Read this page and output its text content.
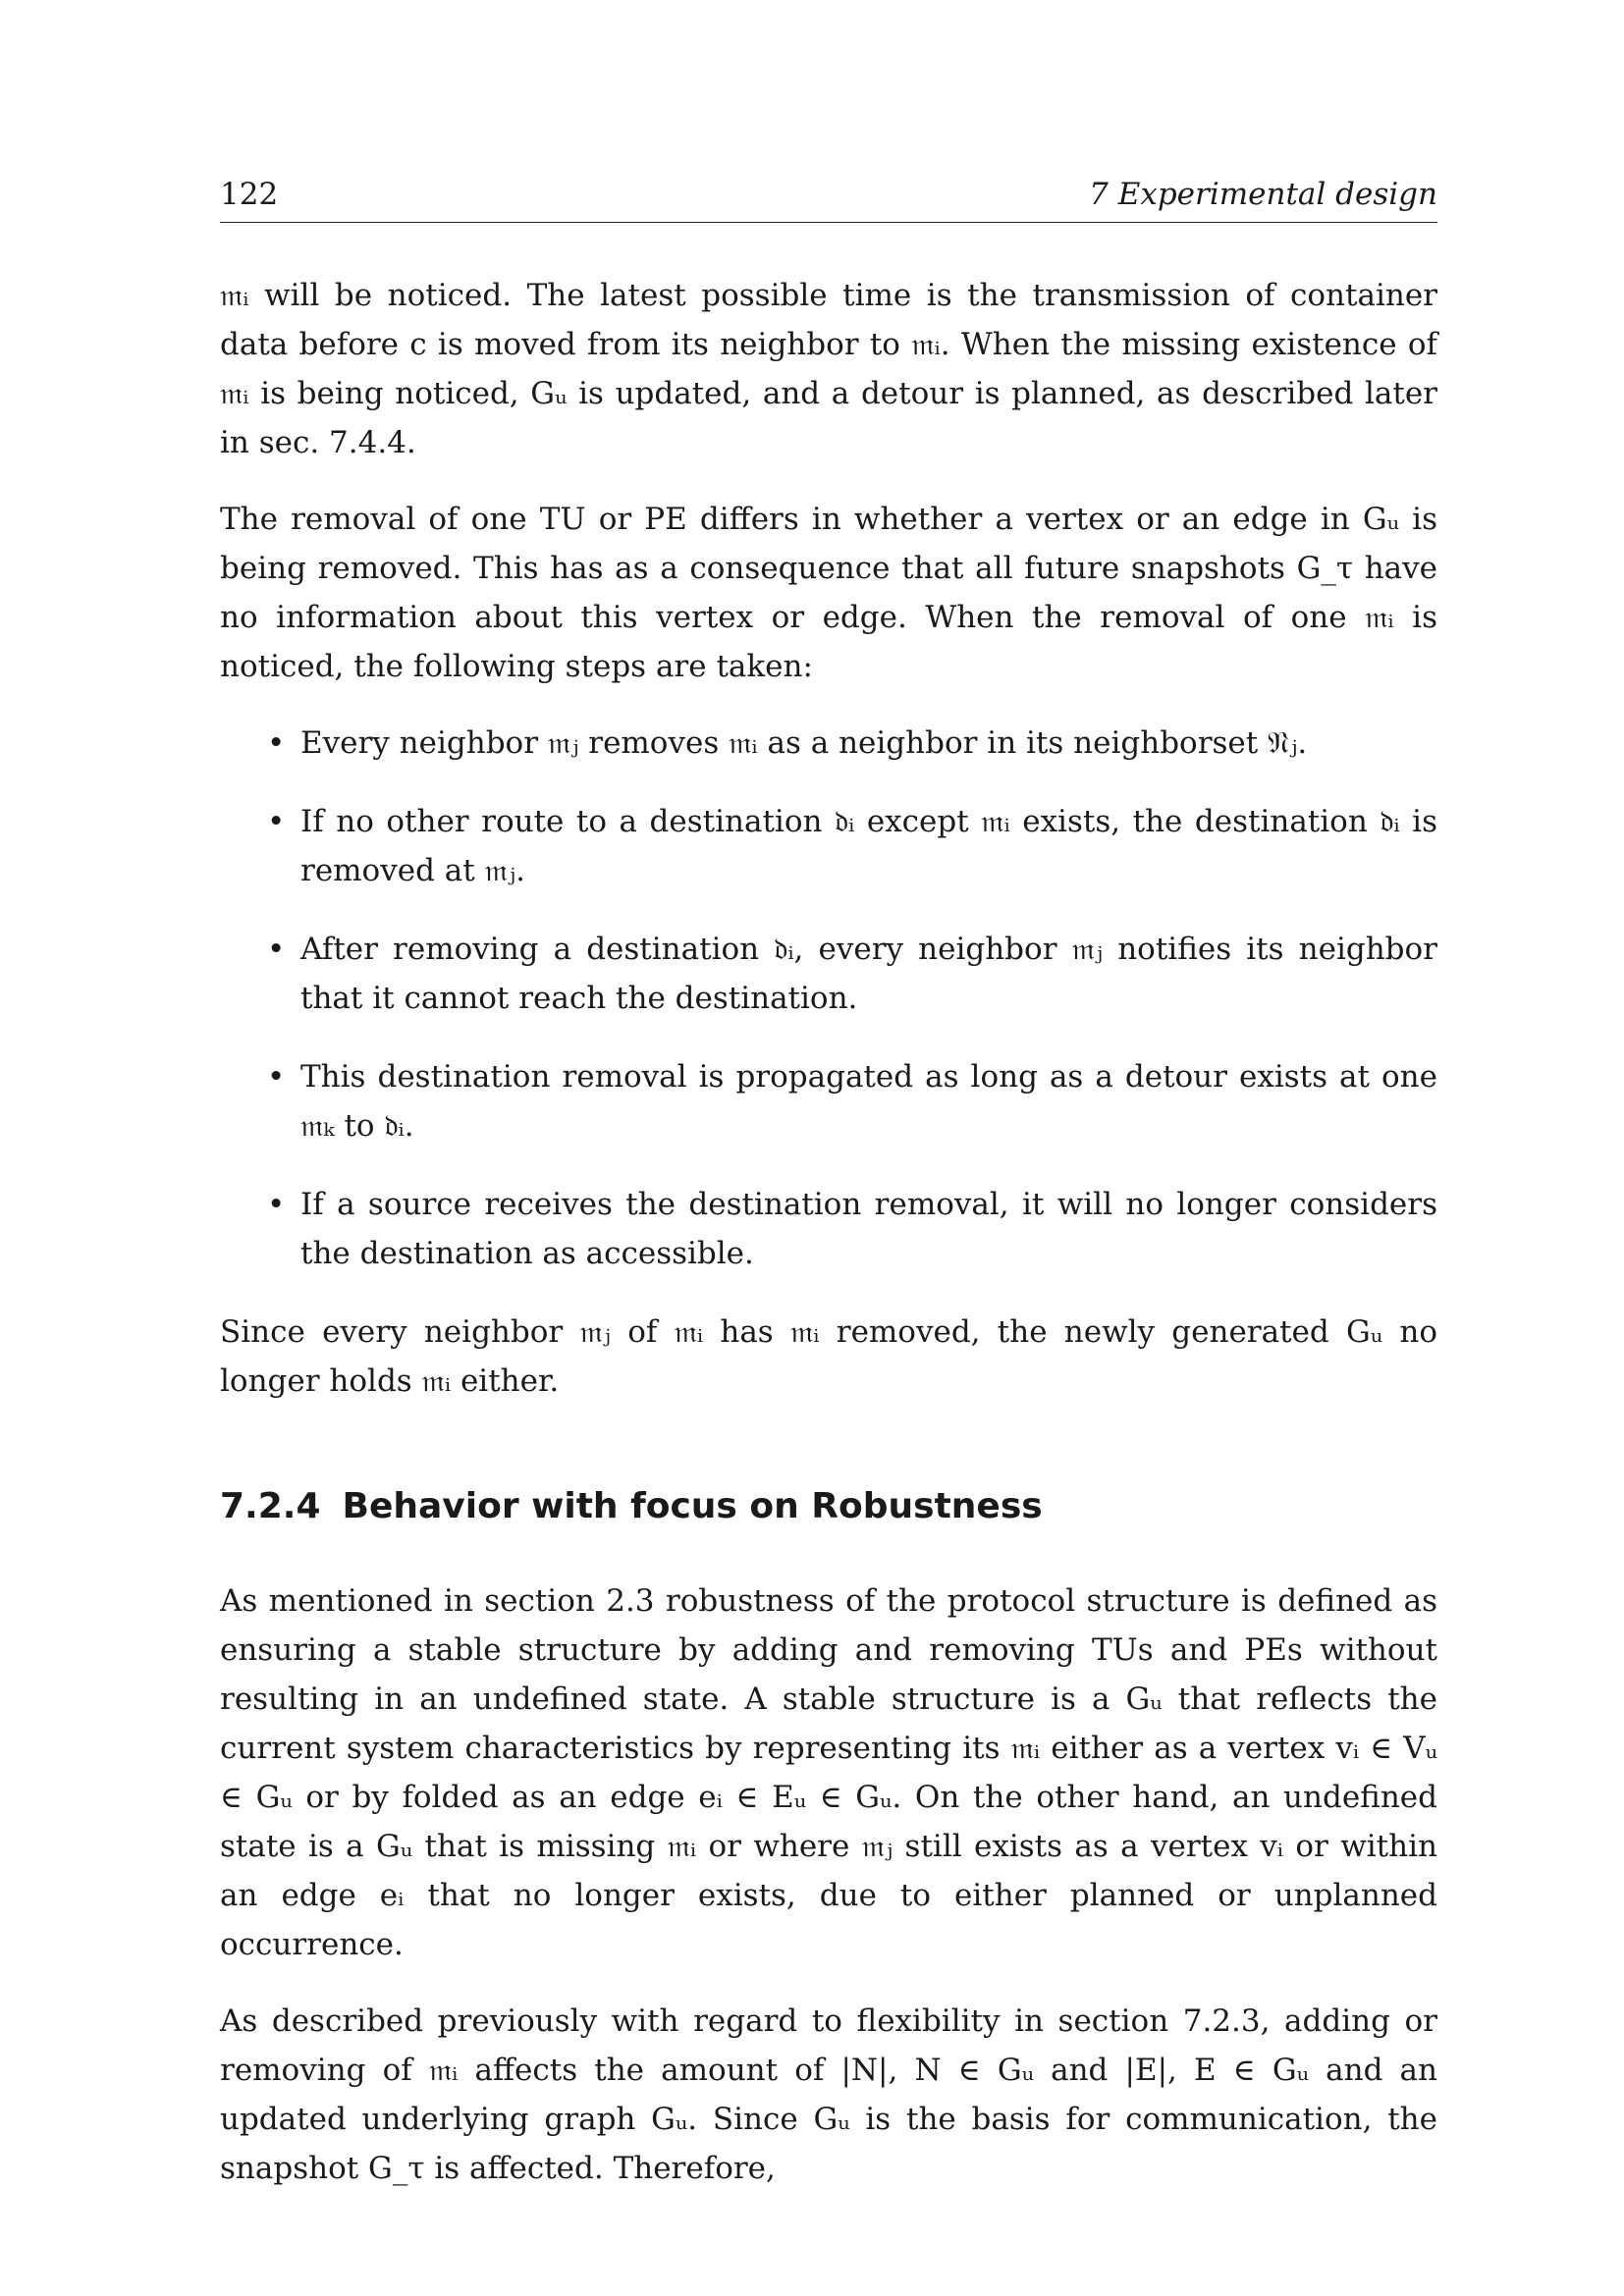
122	7 Experimental design

𝔪ᵢ will be noticed. The latest possible time is the transmission of container data before c is moved from its neighbor to 𝔪ᵢ. When the missing existence of 𝔪ᵢ is being noticed, Gᵤ is updated, and a detour is planned, as described later in sec. 7.4.4.

The removal of one TU or PE differs in whether a vertex or an edge in Gᵤ is being removed. This has as a consequence that all future snapshots G_τ have no information about this vertex or edge. When the removal of one 𝔪ᵢ is noticed, the following steps are taken:

• Every neighbor 𝔪ⱼ removes 𝔪ᵢ as a neighbor in its neighborset 𝔑ⱼ.
• If no other route to a destination 𝔡ᵢ except 𝔪ᵢ exists, the destination 𝔡ᵢ is removed at 𝔪ⱼ.
• After removing a destination 𝔡ᵢ, every neighbor 𝔪ⱼ notifies its neighbor that it cannot reach the destination.
• This destination removal is propagated as long as a detour exists at one 𝔪ₖ to 𝔡ᵢ.
• If a source receives the destination removal, it will no longer considers the destination as accessible.

Since every neighbor 𝔪ⱼ of 𝔪ᵢ has 𝔪ᵢ removed, the newly generated Gᵤ no longer holds 𝔪ᵢ either.

7.2.4 Behavior with focus on Robustness

As mentioned in section 2.3 robustness of the protocol structure is defined as ensuring a stable structure by adding and removing TUs and PEs without resulting in an undefined state. A stable structure is a Gᵤ that reflects the current system characteristics by representing its 𝔪ᵢ either as a vertex vᵢ ∈ Vᵤ ∈ Gᵤ or by folded as an edge eᵢ ∈ Eᵤ ∈ Gᵤ. On the other hand, an undefined state is a Gᵤ that is missing 𝔪ᵢ or where 𝔪ⱼ still exists as a vertex vᵢ or within an edge eᵢ that no longer exists, due to either planned or unplanned occurrence.

As described previously with regard to flexibility in section 7.2.3, adding or removing of 𝔪ᵢ affects the amount of |N|, N ∈ Gᵤ and |E|, E ∈ Gᵤ and an updated underlying graph Gᵤ. Since Gᵤ is the basis for communication, the snapshot G_τ is affected. Therefore,
